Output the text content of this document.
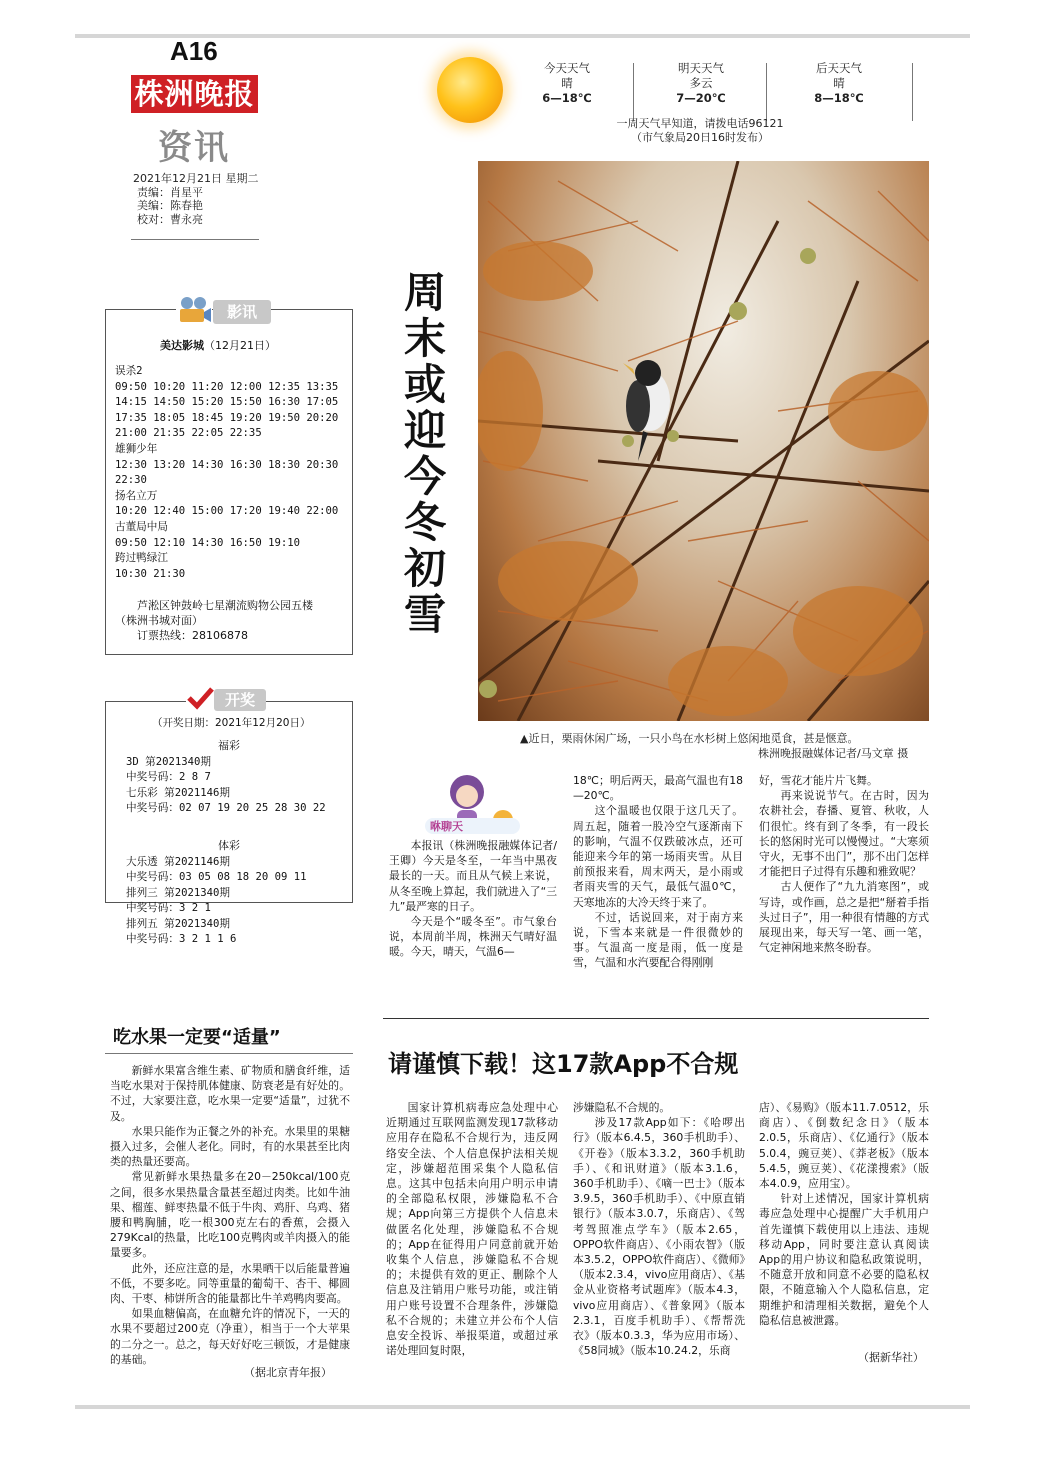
A16
株洲晚报
资讯
2021年12月21日 星期二
责编：肖星平
美编：陈春艳
校对：曹永亮
今天天气
晴
6—18℃
明天天气
多云
7—20℃
后天天气
晴
8—18℃
一周天气早知道，请拨电话96121
（市气象局20日16时发布）
周
末
或
迎
今
冬
初
雪
▲近日，栗雨休闲广场，一只小鸟在水杉树上悠闲地觅食，甚是惬意。
株洲晚报融媒体记者/马文章 摄
影讯
美达影城（12月21日）
误杀2
09:50 10:20 11:20 12:00 12:35 13:35
14:15 14:50 15:20 15:50 16:30 17:05
17:35 18:05 18:45 19:20 19:50 20:20
21:00 21:35 22:05 22:35
雄狮少年
12:30 13:20 14:30 16:30 18:30 20:30
22:30
扬名立万
10:20 12:40 15:00 17:20 19:40 22:00
古董局中局
09:50 12:10 14:30 16:50 19:10
跨过鸭绿江
10:30 21:30
芦淞区钟鼓岭七星潮流购物公园五楼
（株洲书城对面）
订票热线：28106878
开奖
（开奖日期：2021年12月20日）
福彩
3D 第2021340期
中奖号码：2 8 7
七乐彩 第2021146期
中奖号码：02 07 19 20 25 28 30 22
体彩
大乐透 第2021146期
中奖号码：03 05 08 18 20 09 11
排列三 第2021340期
中奖号码：3 2 1
排列五 第2021340期
中奖号码：3 2 1 1 6
咻聊天

本报讯（株洲晚报融媒体记者/王卿）今天是冬至，一年当中黑夜最长的一天。而且从气候上来说，从冬至晚上算起，我们就进入了“三九”最严寒的日子。

今天是个“暖冬至”。市气象台说，本周前半周，株洲天气晴好温暖。今天，晴天，气温6—

18℃；明后两天，最高气温也有18—20℃。

这个温暖也仅限于这几天了。周五起，随着一股冷空气逐渐南下的影响，气温不仅跌破冰点，还可能迎来今年的第一场雨夹雪。从目前预报来看，周末两天，是小雨或者雨夹雪的天气，最低气温0℃，天寒地冻的大冷天终于来了。

不过，话说回来，对于南方来说，下雪本来就是一件很微妙的事。气温高一度是雨，低一度是雪，气温和水汽要配合得刚刚

好，雪花才能片片飞舞。

再来说说节气。在古时，因为农耕社会，春播、夏管、秋收，人们很忙。终有到了冬季，有一段长长的悠闲时光可以慢慢过。“大寒须守火，无事不出门”，那不出门怎样才能把日子过得有乐趣和雅致呢？

古人便作了“九九消寒图”，或写诗，或作画，总之是把“掰着手指头过日子”，用一种很有情趣的方式展现出来，每天写一笔、画一笔，气定神闲地来熬冬盼春。

吃水果一定要“适量”

新鲜水果富含维生素、矿物质和膳食纤维，适当吃水果对于保持肌体健康、防衰老是有好处的。不过，大家要注意，吃水果一定要“适量”，过犹不及。

水果只能作为正餐之外的补充。水果里的果糖摄入过多，会催人老化。同时，有的水果甚至比肉类的热量还要高。

常见新鲜水果热量多在20－250kcal/100克之间，很多水果热量含量甚至超过肉类。比如牛油果、榴莲、鲜枣热量不低于牛肉、鸡肝、乌鸡、猪腰和鸭胸脯，吃一根300克左右的香蕉，会摄入279Kcal的热量，比吃100克鸭肉或羊肉摄入的能量要多。

此外，还应注意的是，水果晒干以后能量普遍不低，不要多吃。同等重量的葡萄干、杏干、椰圆肉、干枣、柿饼所含的能量都比牛羊鸡鸭肉要高。

如果血糖偏高，在血糖允许的情况下，一天的水果不要超过200克（净重），相当于一个大苹果的二分之一。总之，每天好好吃三顿饭，才是健康的基础。

（据北京青年报）
请谨慎下载！这17款App不合规

国家计算机病毒应急处理中心近期通过互联网监测发现17款移动应用存在隐私不合规行为，违反网络安全法、个人信息保护法相关规定，涉嫌超范围采集个人隐私信息。这其中包括未向用户明示申请的全部隐私权限，涉嫌隐私不合规；App向第三方提供个人信息未做匿名化处理，涉嫌隐私不合规的；App在征得用户同意前就开始收集个人信息，涉嫌隐私不合规的；未提供有效的更正、删除个人信息及注销用户账号功能，或注销用户账号设置不合理条件，涉嫌隐私不合规的；未建立并公布个人信息安全投诉、举报渠道，或超过承诺处理回复时限，

涉嫌隐私不合规的。

涉及17款App如下：《哈啰出行》（版本6.4.5，360手机助手）、《开卷》（版本3.3.2，360手机助手）、《和讯财道》（版本3.1.6，360手机助手）、《嘀一巴士》（版本3.9.5，360手机助手）、《中原直销银行》（版本3.0.7，乐商店）、《驾考驾照准点学车》（版本2.65，OPPO软件商店）、《小雨农智》（版本3.5.2，OPPO软件商店）、《微师》（版本2.3.4，vivo应用商店）、《基金从业资格考试题库》（版本4.3，vivo应用商店）、《普象网》（版本2.3.1，百度手机助手）、《帮帮洗衣》（版本0.3.3，华为应用市场）、《58同城》（版本10.24.2，乐商

店）、《易购》（版本11.7.0512，乐商店）、《倒数纪念日》（版本2.0.5，乐商店）、《亿通行》（版本5.0.4，豌豆荚）、《莽老板》（版本5.4.5，豌豆荚）、《花漾搜索》（版本4.0.9，应用宝）。

针对上述情况，国家计算机病毒应急处理中心提醒广大手机用户首先谨慎下载使用以上违法、违规移动App，同时要注意认真阅读App的用户协议和隐私政策说明，不随意开放和同意不必要的隐私权限，不随意输入个人隐私信息，定期维护和清理相关数据，避免个人隐私信息被泄露。

（据新华社）
